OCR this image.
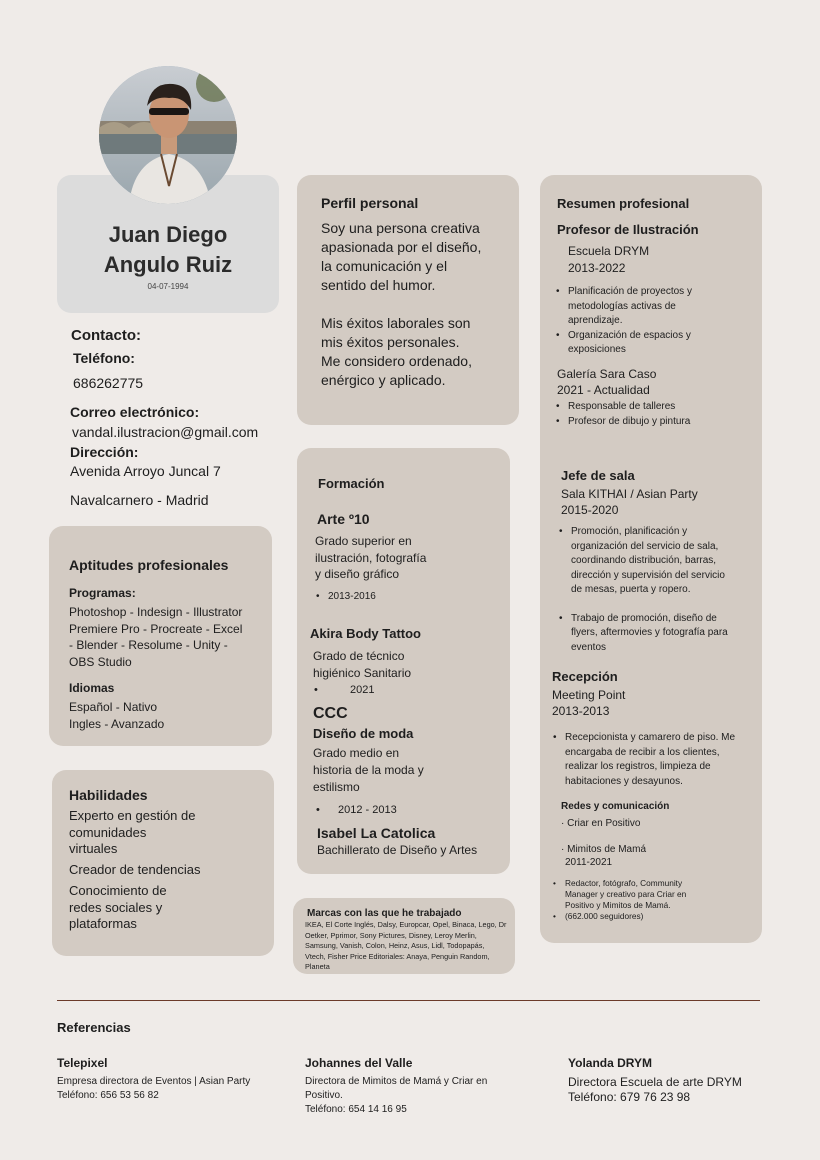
Juan Diego
Angulo Ruiz
04-07-1994
Contacto:
Teléfono:
686262775
Correo electrónico:
vandal.ilustracion@gmail.com
Dirección:
Avenida Arroyo Juncal 7
Navalcarnero - Madrid
Aptitudes profesionales
Programas:
Photoshop - Indesign - Illustrator
Premiere Pro - Procreate - Excel
- Blender - Resolume - Unity -
OBS Studio
Idiomas
Español - Nativo
Ingles - Avanzado
Habilidades
Experto en gestión de
comunidades
virtuales
Creador de tendencias
Conocimiento de
redes sociales y
plataformas
Perfil personal
Soy una persona creativa
apasionada por el diseño,
la comunicación y el
sentido del humor.
Mis éxitos laborales son
mis éxitos personales.
Me considero ordenado,
enérgico y aplicado.
Formación
Arte º10
Grado superior en
ilustración, fotografía
y diseño gráfico
• 2013-2016
Akira Body Tattoo
Grado de técnico
higiénico Sanitario
• 2021
CCC
Diseño de moda
Grado medio en
historia de la moda y
estilismo
• 2012 - 2013
Isabel La Catolica
Bachillerato de Diseño y Artes
Marcas con las que he trabajado
IKEA, El Corte Inglés, Dalsy, Europcar, Opel, Binaca, Lego, Dr Oetker, Pprimor, Sony Pictures, Disney, Leroy Merlin, Samsung, Vanish, Colon, Heinz, Asus, Lidl, Todopapás, Vtech, Fisher Price Editoriales: Anaya, Penguin Random, Planeta
Resumen profesional
Profesor de Ilustración
Escuela DRYM
2013-2022
• Planificación de proyectos y
metodologías activas de
aprendizaje.
• Organización de espacios y
exposiciones
Galería Sara Caso
2021 - Actualidad
• Responsable de talleres
• Profesor de dibujo y pintura
Jefe de sala
Sala KITHAI / Asian Party
2015-2020
• Promoción, planificación y
organización del servicio de sala,
coordinando distribución, barras,
dirección y supervisión del servicio
de mesas, puerta y ropero.
• Trabajo de promoción, diseño de
flyers, aftermovies y fotografía para
eventos
Recepción
Meeting Point
2013-2013
• Recepcionista y camarero de piso. Me
encargaba de recibir a los clientes,
realizar los registros, limpieza de
habitaciones y desayunos.
Redes y comunicación
· Criar en Positivo
· Mimitos de Mamá
2011-2021
• Redactor, fotógrafo, Community
Manager y creativo para Criar en
Positivo y Mimitos de Mamá.
• (662.000 seguidores)
Referencias
Telepixel
Empresa directora de Eventos | Asian Party
Teléfono: 656 53 56 82
Johannes del Valle
Directora de Mimitos de Mamá y Criar en
Positivo.
Teléfono: 654 14 16 95
Yolanda DRYM
Directora Escuela de arte DRYM
Teléfono: 679 76 23 98
